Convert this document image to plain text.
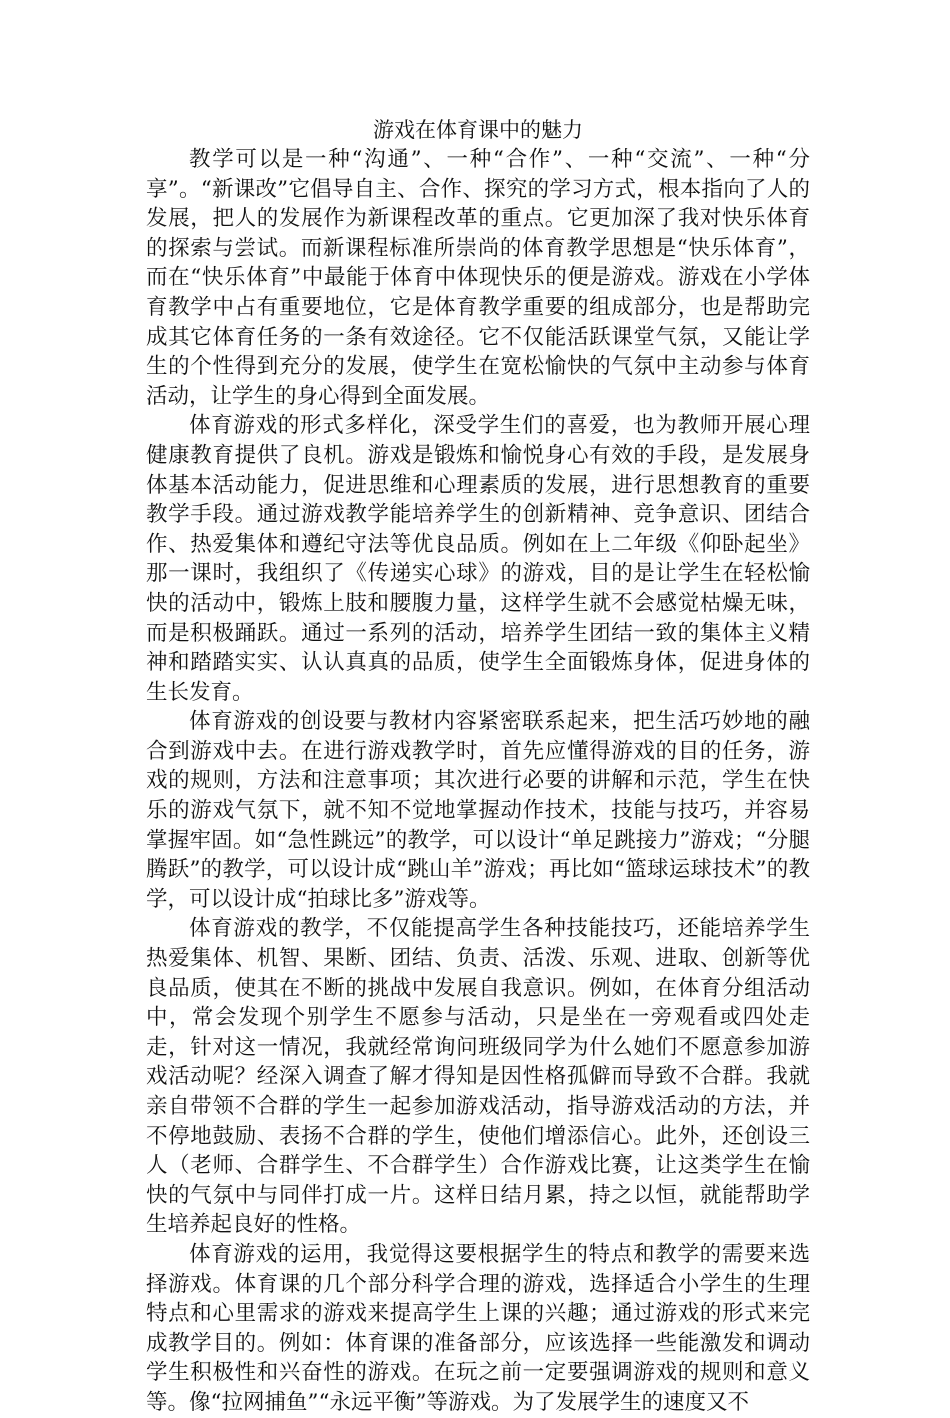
游戏在体育课中的魅力

教学可以是一种“沟通”、一种“合作”、一种“交流”、一种“分享”。“新课改”它倡导自主、合作、探究的学习方式，根本指向了人的发展，把人的发展作为新课程改革的重点。它更加深了我对快乐体育的探索与尝试。而新课程标准所崇尚的体育教学思想是“快乐体育”，而在“快乐体育”中最能于体育中体现快乐的便是游戏。游戏在小学体育教学中占有重要地位，它是体育教学重要的组成部分，也是帮助完成其它体育任务的一条有效途径。它不仅能活跃课堂气氛，又能让学生的个性得到充分的发展，使学生在宽松愉快的气氛中主动参与体育活动，让学生的身心得到全面发展。

体育游戏的形式多样化，深受学生们的喜爱，也为教师开展心理健康教育提供了良机。游戏是锻炼和愉悦身心有效的手段，是发展身体基本活动能力，促进思维和心理素质的发展，进行思想教育的重要教学手段。通过游戏教学能培养学生的创新精神、竞争意识、团结合作、热爱集体和遵纪守法等优良品质。例如在上二年级《仰卧起坐》那一课时，我组织了《传递实心球》的游戏，目的是让学生在轻松愉快的活动中，锻炼上肢和腰腹力量，这样学生就不会感觉枯燥无味，而是积极踊跃。通过一系列的活动，培养学生团结一致的集体主义精神和踏踏实实、认认真真的品质，使学生全面锻炼身体，促进身体的生长发育。

体育游戏的创设要与教材内容紧密联系起来，把生活巧妙地的融合到游戏中去。在进行游戏教学时，首先应懂得游戏的目的任务，游戏的规则，方法和注意事项；其次进行必要的讲解和示范，学生在快乐的游戏气氛下，就不知不觉地掌握动作技术，技能与技巧，并容易掌握牢固。如“急性跳远”的教学，可以设计“单足跳接力”游戏；“分腿腾跃”的教学，可以设计成“跳山羊”游戏；再比如“篮球运球技术”的教学，可以设计成“拍球比多”游戏等。

体育游戏的教学，不仅能提高学生各种技能技巧，还能培养学生热爱集体、机智、果断、团结、负责、活泼、乐观、进取、创新等优良品质，使其在不断的挑战中发展自我意识。例如，在体育分组活动中，常会发现个别学生不愿参与活动，只是坐在一旁观看或四处走走，针对这一情况，我就经常询问班级同学为什么她们不愿意参加游戏活动呢？经深入调查了解才得知是因性格孤僻而导致不合群。我就亲自带领不合群的学生一起参加游戏活动，指导游戏活动的方法，并不停地鼓励、表扬不合群的学生，使他们增添信心。此外，还创设三人（老师、合群学生、不合群学生）合作游戏比赛，让这类学生在愉快的气氛中与同伴打成一片。这样日结月累，持之以恒，就能帮助学生培养起良好的性格。

体育游戏的运用，我觉得这要根据学生的特点和教学的需要来选择游戏。体育课的几个部分科学合理的游戏，选择适合小学生的生理特点和心里需求的游戏来提高学生上课的兴趣；通过游戏的形式来完成教学目的。例如：体育课的准备部分，应该选择一些能激发和调动学生积极性和兴奋性的游戏。在玩之前一定要强调游戏的规则和意义等。像“拉网捕鱼”“永远平衡”等游戏。为了发展学生的速度又不
